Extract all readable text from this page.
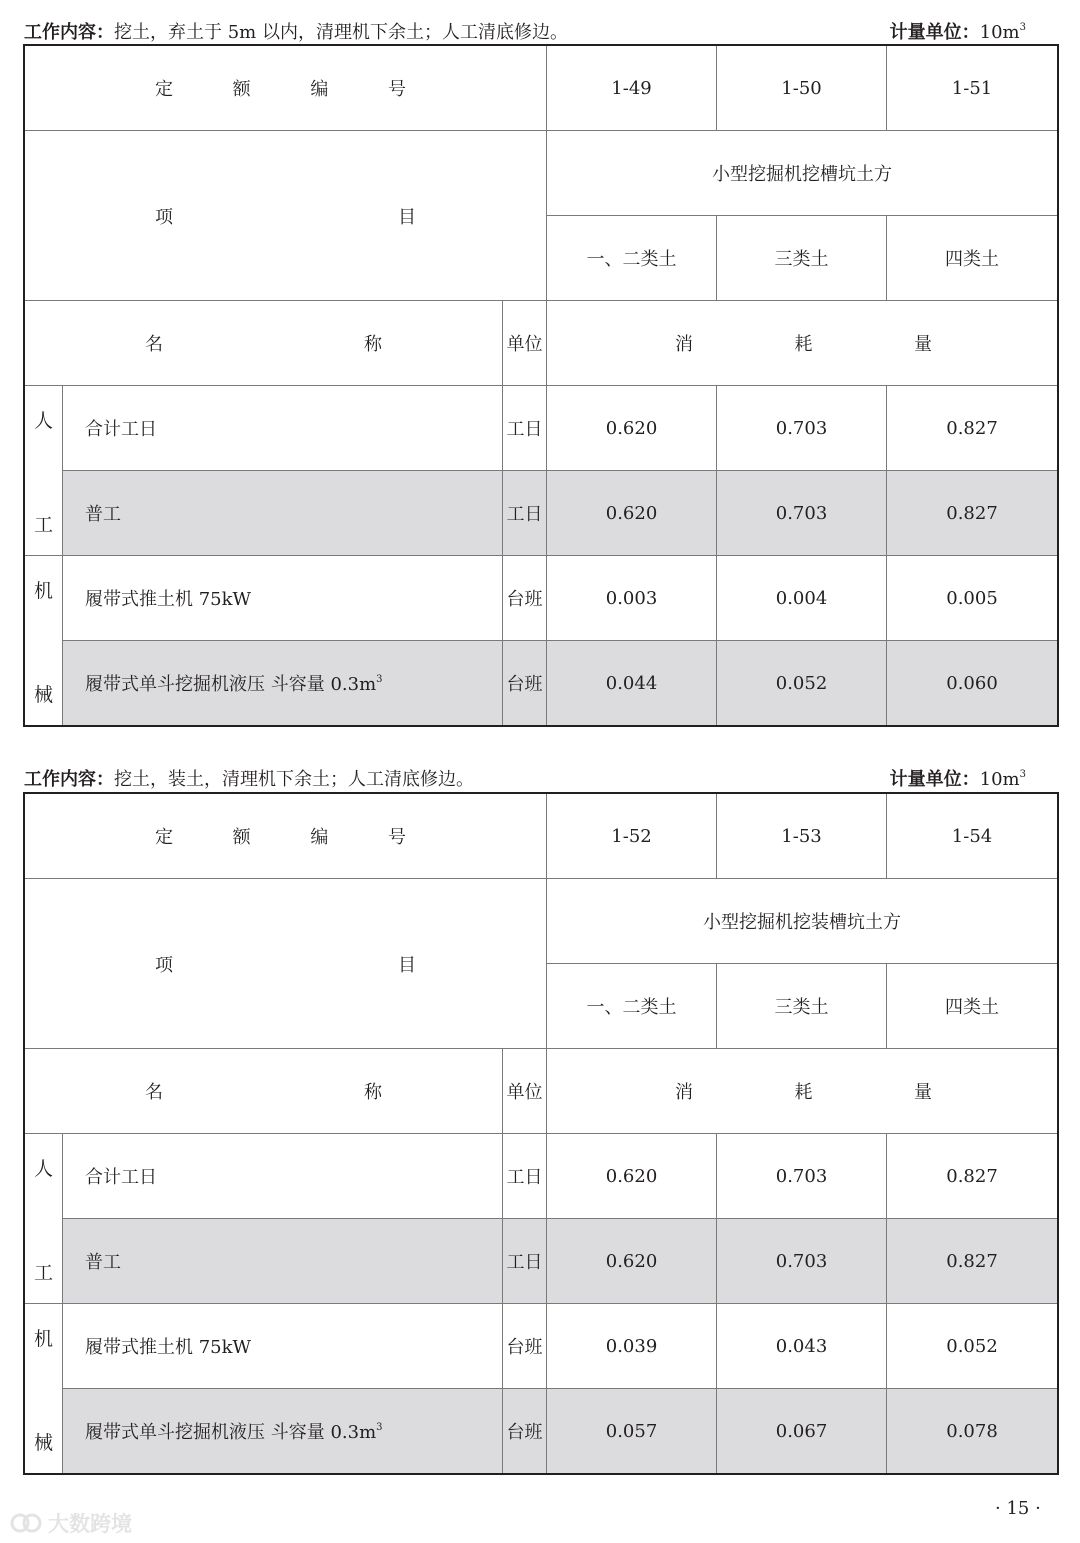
工作内容：挖土，弃土于 5m 以内，清理机下余土；人工清底修边。	计量单位：$10m^3$
定 额 编 号			1-49	1-50	1-51

项 目			小型挖掘机挖槽坑土方		
			一、二类土	三类土	四类土

名 称		单位	消 耗 量		

人
工	合计工日	工日	0.620	0.703	0.827
	普工	工日	0.620	0.703	0.827

机
械	履带式推土机 75kW	台班	0.003	0.004	0.005
	履带式单斗挖掘机液压 斗容量 $0.3m^3$	台班	0.044	0.052	0.060
工作内容：挖土，装土，清理机下余土；人工清底修边。	计量单位：$10m^3$
定 额 编 号			1-52	1-53	1-54

项 目			小型挖掘机挖装槽坑土方		
			一、二类土	三类土	四类土

名 称		单位	消 耗 量		

人
工	合计工日	工日	0.620	0.703	0.827
	普工	工日	0.620	0.703	0.827

机
械	履带式推土机 75kW	台班	0.039	0.043	0.052
	履带式单斗挖掘机液压 斗容量 $0.3m^3$	台班	0.057	0.067	0.078
大数跨境
· 15 ·
